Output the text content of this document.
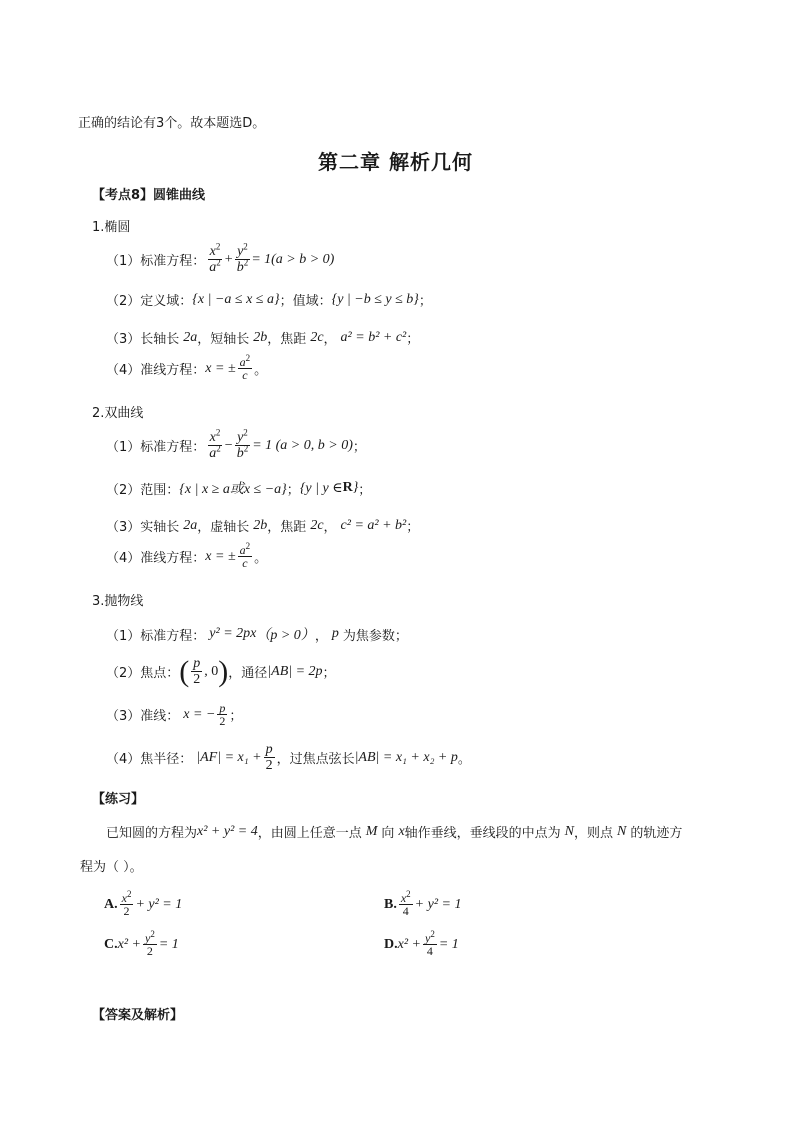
正确的结论有3个。故本题选D。
第二章 解析几何
【考点8】圆锥曲线
1.椭圆
（1）标准方程： $\frac{x^2}{a^2} + \frac{y^2}{b^2} = 1(a > b > 0)$
（2）定义域： {x | −a ≤ x ≤ a} ；值域： {y | −b ≤ y ≤ b} ；
（3）长轴长 2a ，短轴长 2b ，焦距 2c ， a² = b² + c² ；
（4）准线方程： x = ± $\frac{a^2}{c}$ 。
2.双曲线
（1）标准方程： $\frac{x^2}{a^2} - \frac{y^2}{b^2} = 1$ (a > 0, b > 0) ；
（2）范围： {x | x ≥ a或x ≤ −a} ； {y | y ∈ R } ；
（3）实轴长 2a ，虚轴长 2b ，焦距 2c ， c² = a² + b² ；
（4）准线方程： x = ± $\frac{a^2}{c}$ 。
3.抛物线
（1）标准方程： y² = 2px （p > 0） ， p 为焦参数；
（2）焦点： ( $\frac{p}{2}$ , 0 ) ，通径 |AB| = 2p ；
（3）准线： x = − $\frac{p}{2}$ ；
（4）焦半径： $|AF| = x_1 + \frac{p}{2}$ ，过焦点弦长 |AB| = x₁ + x₂ + p 。
【练习】
已知圆的方程为 x² + y² = 4 ，由圆上任意一点 M 向 x 轴作垂线，垂线段的中点为 N ，则点 N 的轨迹方
程为（ ）。
A. $\frac{x^2}{2} + y^2 = 1$	B. $\frac{x^2}{4} + y^2 = 1$
C. $x^2 + \frac{y^2}{2} = 1$	D. $x^2 + \frac{y^2}{4} = 1$
【答案及解析】
